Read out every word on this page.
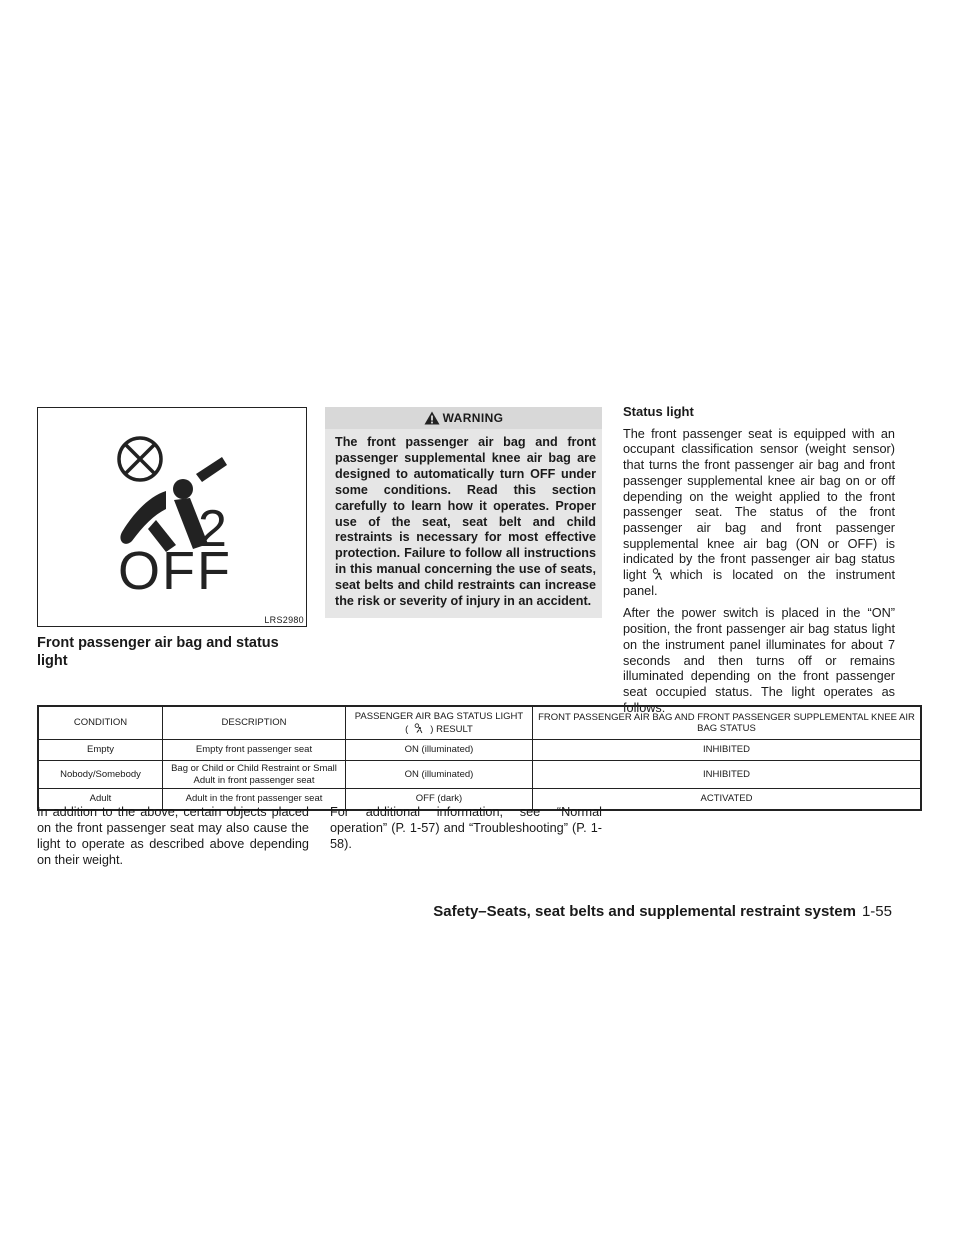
2
OFF
LRS2980
Front passenger air bag and status light
WARNING
The front passenger air bag and front passenger supplemental knee air bag are designed to automatically turn OFF under some conditions. Read this section carefully to learn how it operates. Proper use of the seat, seat belt and child restraints is necessary for most effective protection. Failure to follow all instructions in this manual concerning the use of seats, seat belts and child restraints can increase the risk or severity of injury in an accident.
Status light

The front passenger seat is equipped with an occupant classification sensor (weight sensor) that turns the front passenger air bag and front passenger supplemental knee air bag on or off depending on the weight applied to the front passenger seat. The status of the front passenger air bag and front passenger supplemental knee air bag (ON or OFF) is indicated by the front passenger air bag status light which is located on the instrument panel.

After the power switch is placed in the “ON” position, the front passenger air bag status light on the instrument panel illuminates for about 7 seconds and then turns off or remains illuminated depending on the front passenger seat occupied status. The light operates as follows:

CONDITION	DESCRIPTION	PASSENGER AIR BAG STATUS LIGHT
( ) RESULT	FRONT PASSENGER AIR BAG AND FRONT PASSENGER SUPPLEMENTAL KNEE AIR BAG STATUS
Empty	Empty front passenger seat	ON (illuminated)	INHIBITED
Nobody/Somebody	Bag or Child or Child Restraint or Small Adult in front passenger seat	ON (illuminated)	INHIBITED
Adult	Adult in the front passenger seat	OFF (dark)	ACTIVATED
In addition to the above, certain objects placed on the front passenger seat may also cause the light to operate as described above depending on their weight.
For additional information, see “Normal operation” (P. 1-57) and “Troubleshooting” (P. 1-58).
Safety–Seats, seat belts and supplemental restraint system 1-55
